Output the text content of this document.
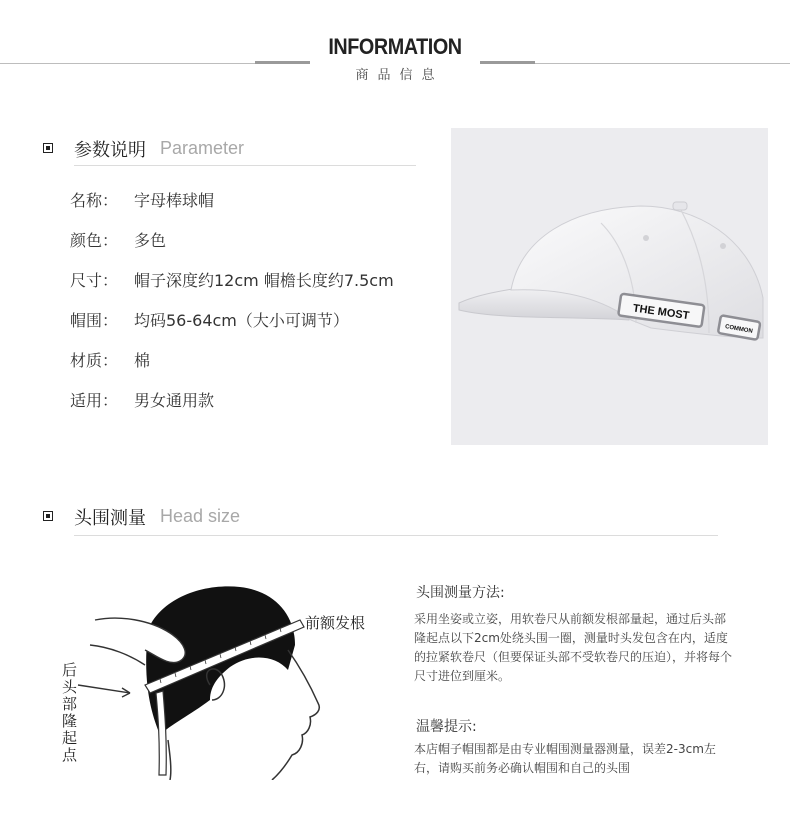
INFORMATION
商品信息
参数说明 Parameter
名称： 字母棒球帽
颜色： 多色
尺寸： 帽子深度约12cm 帽檐长度约7.5cm
帽围： 均码56-64cm（大小可调节）
材质： 棉
适用： 男女通用款
THE MOST
COMMON
头围测量 Head size
前额发根
后头部隆起点
头围测量方法:
采用坐姿或立姿，用软卷尺从前额发根部量起，通过后头部隆起点以下2cm处绕头围一圈，测量时头发包含在内，适度的拉紧软卷尺（但要保证头部不受软卷尺的压迫），并将每个尺寸进位到厘米。
温馨提示:
本店帽子帽围都是由专业帽围测量器测量，误差2-3cm左右，请购买前务必确认帽围和自己的头围
